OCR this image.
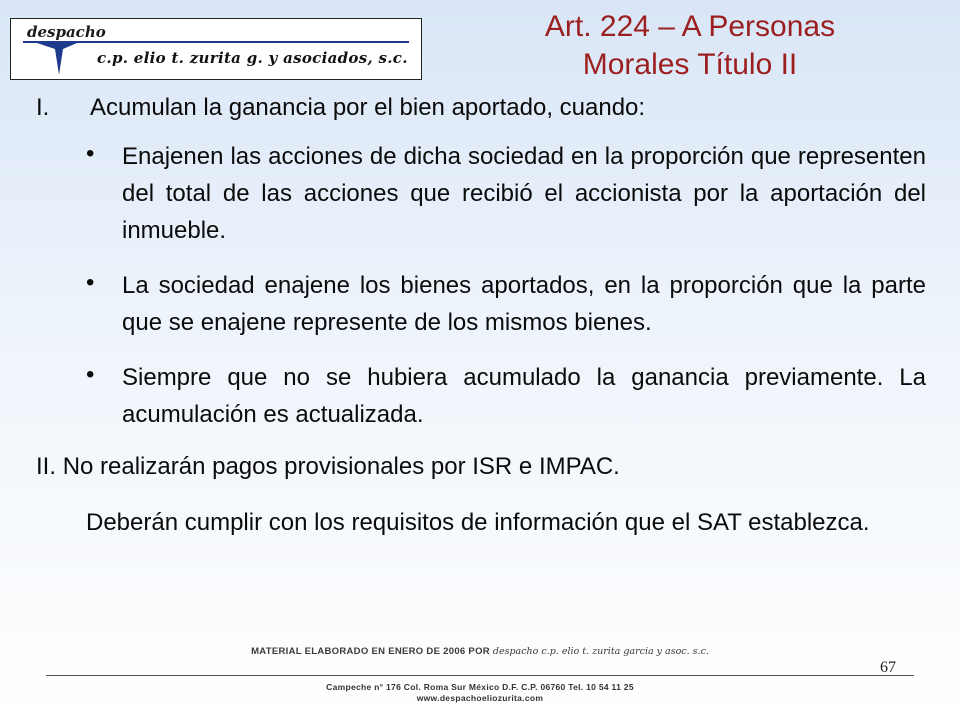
despacho
c.p. elio t. zurita g. y asociados, s.c.
Art. 224 – A Personas
Morales Título II

I. Acumulan la ganancia por el bien aportado, cuando:

• Enajenen las acciones de dicha sociedad en la proporción que representen del total de las acciones que recibió el accionista por la aportación del inmueble.
• La sociedad enajene los bienes aportados, en la proporción que la parte que se enajene represente de los mismos bienes.
• Siempre que no se hubiera acumulado la ganancia previamente. La acumulación es actualizada.

II. No realizarán pagos provisionales por ISR e IMPAC.

Deberán cumplir con los requisitos de información que el SAT establezca.

MATERIAL ELABORADO EN ENERO DE 2006 POR despacho c.p. elio t. zurita garcia y asoc. s.c.
67
Campeche n° 176 Col. Roma Sur México D.F. C.P. 06760 Tel. 10 54 11 25
www.despachoeliozurita.com
